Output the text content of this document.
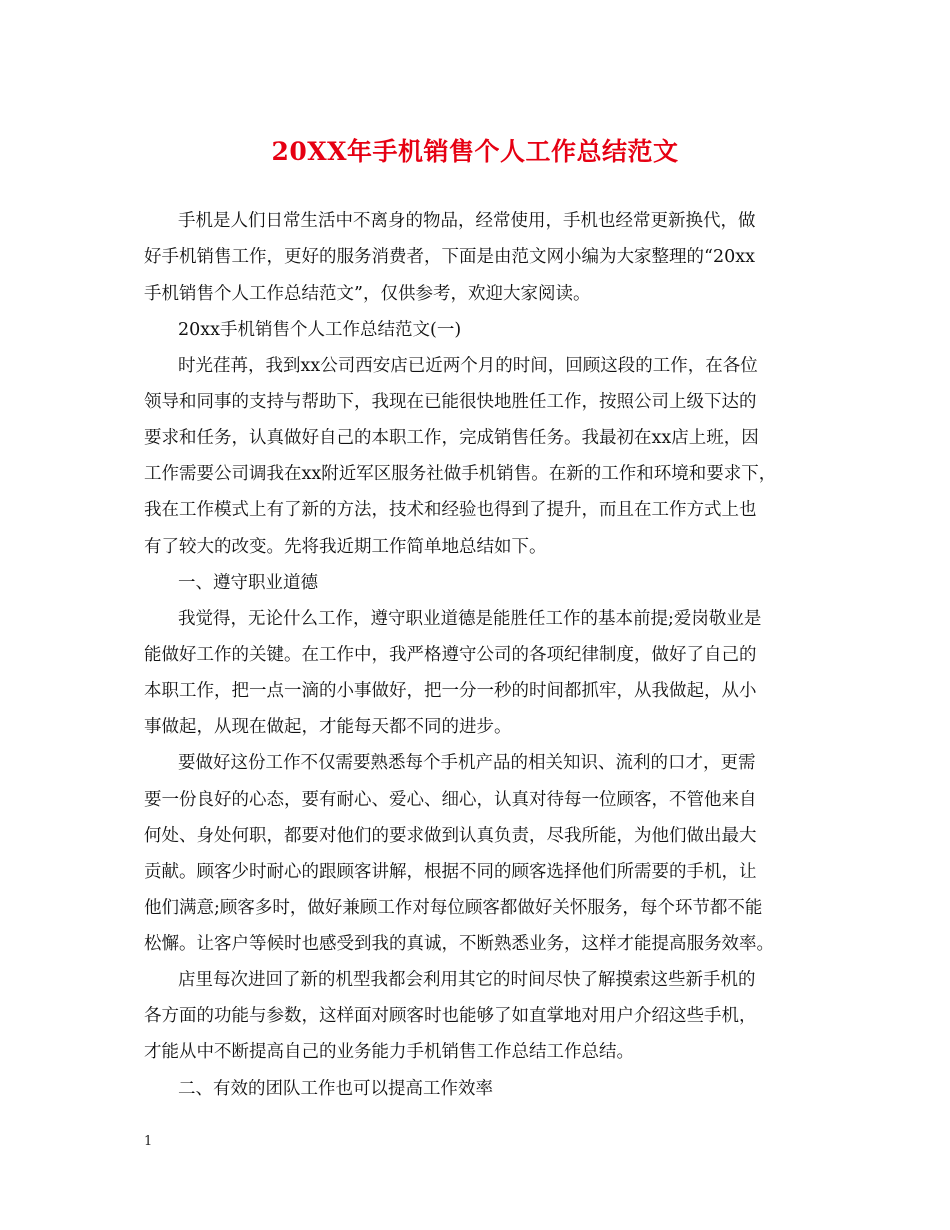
20XX年手机销售个人工作总结范文
手机是人们日常生活中不离身的物品，经常使用，手机也经常更新换代，做
好手机销售工作，更好的服务消费者，下面是由范文网小编为大家整理的“20xx
手机销售个人工作总结范文”，仅供参考，欢迎大家阅读。
20xx手机销售个人工作总结范文(一)
时光荏苒，我到xx公司西安店已近两个月的时间，回顾这段的工作，在各位
领导和同事的支持与帮助下，我现在已能很快地胜任工作，按照公司上级下达的
要求和任务，认真做好自己的本职工作，完成销售任务。我最初在xx店上班，因
工作需要公司调我在xx附近军区服务社做手机销售。在新的工作和环境和要求下，
我在工作模式上有了新的方法，技术和经验也得到了提升，而且在工作方式上也
有了较大的改变。先将我近期工作简单地总结如下。
一、遵守职业道德
我觉得，无论什么工作，遵守职业道德是能胜任工作的基本前提;爱岗敬业是
能做好工作的关键。在工作中，我严格遵守公司的各项纪律制度，做好了自己的
本职工作，把一点一滴的小事做好，把一分一秒的时间都抓牢，从我做起，从小
事做起，从现在做起，才能每天都不同的进步。
要做好这份工作不仅需要熟悉每个手机产品的相关知识、流利的口才，更需
要一份良好的心态，要有耐心、爱心、细心，认真对待每一位顾客，不管他来自
何处、身处何职，都要对他们的要求做到认真负责，尽我所能，为他们做出最大
贡献。顾客少时耐心的跟顾客讲解，根据不同的顾客选择他们所需要的手机，让
他们满意;顾客多时，做好兼顾工作对每位顾客都做好关怀服务，每个环节都不能
松懈。让客户等候时也感受到我的真诚，不断熟悉业务，这样才能提高服务效率。
店里每次进回了新的机型我都会利用其它的时间尽快了解摸索这些新手机的
各方面的功能与参数，这样面对顾客时也能够了如直掌地对用户介绍这些手机，
才能从中不断提高自己的业务能力手机销售工作总结工作总结。
二、有效的团队工作也可以提高工作效率
1
